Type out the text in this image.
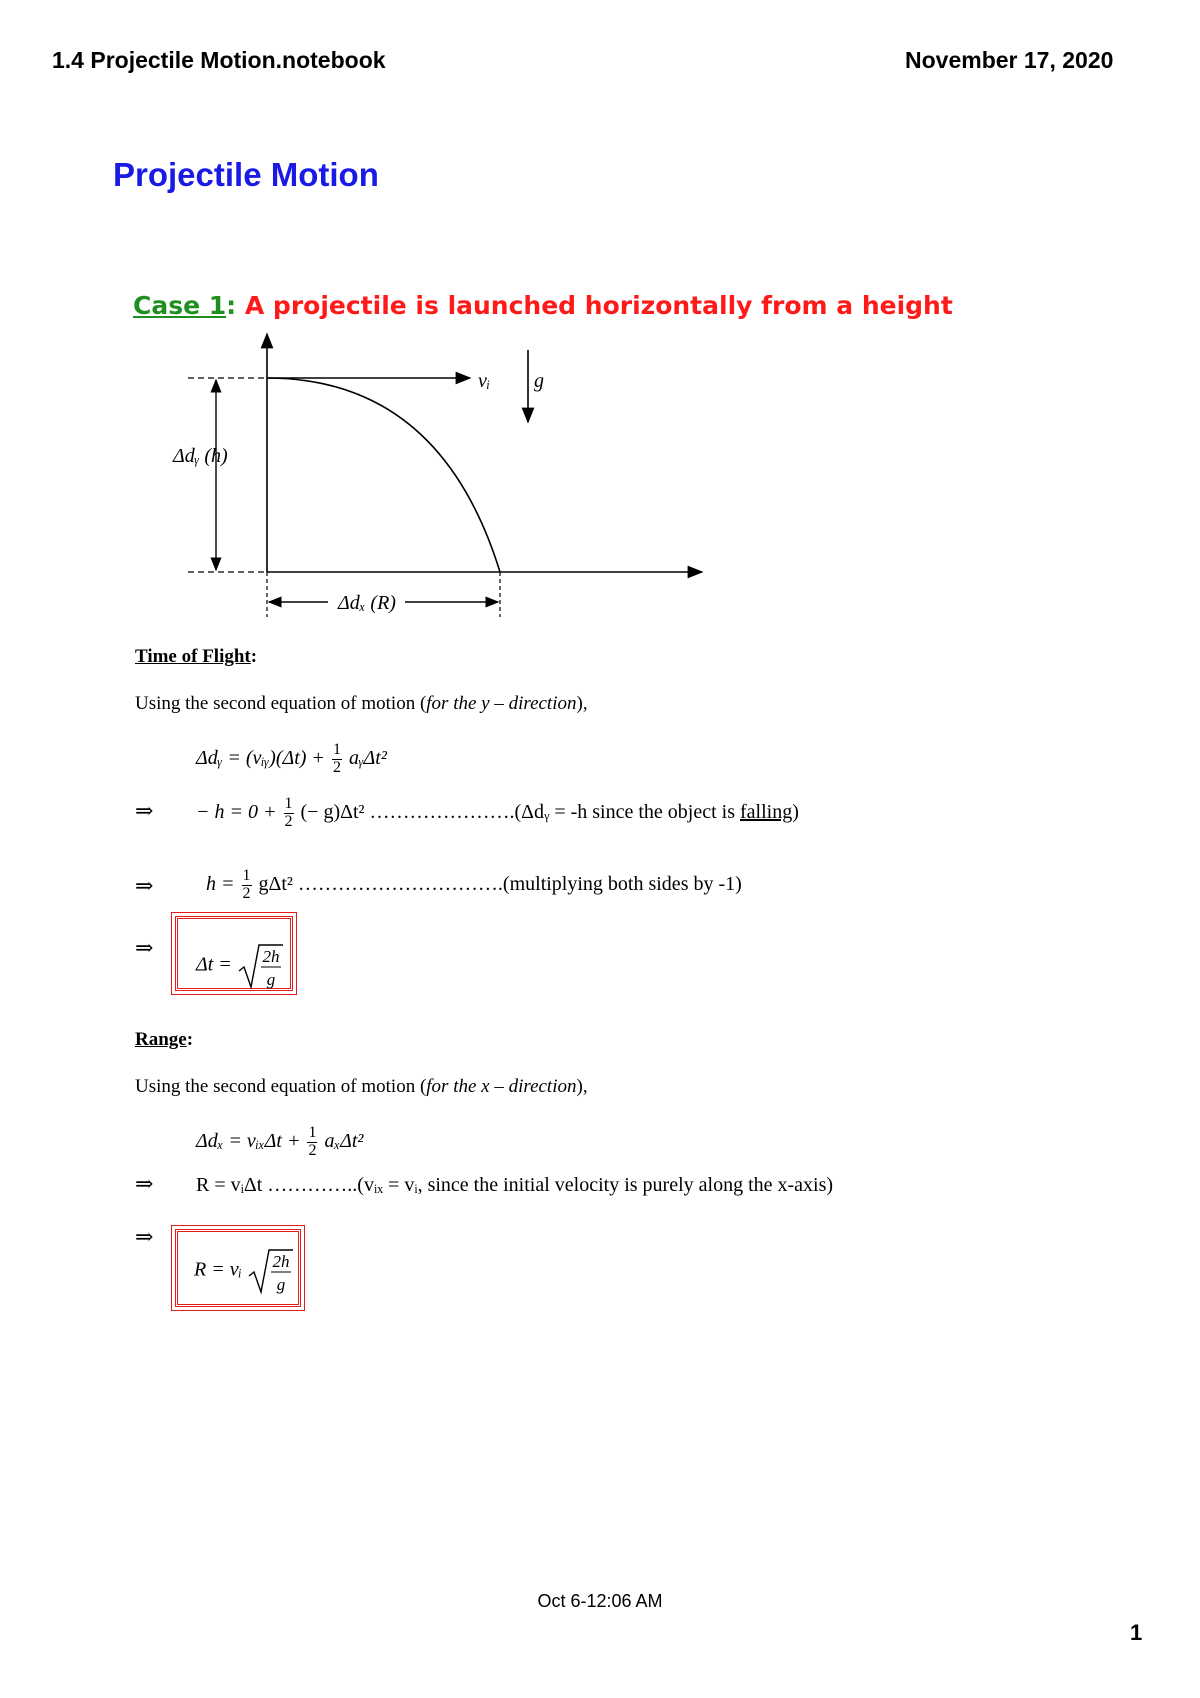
1.4 Projectile Motion.notebook	November 17, 2020
Projectile Motion
Case 1: A projectile is launched horizontally from a height
vᵢ g
Δdᵧ (h)
Δdₓ (R)
Time of Flight:
Using the second equation of motion (for the y – direction),
Δdᵧ = (vᵢᵧ)(Δt) + $\frac{1}{2}$ aᵧΔt²
⇒ − $h = 0 + \frac{1}{2}$ (− g)Δt² ………………….(Δdᵧ = -h since the object is falling)
⇒	$h = \frac{1}{2} g\Delta t^2$ ………………………….(multiplying both sides by -1)
⇒
Δt = 2h
g
Range:
Using the second equation of motion (for the x – direction),
Δdₓ = vᵢₓΔt + $\frac{1}{2} a_x\Delta t^2$
⇒ R = vᵢΔt …………..(vᵢₓ = vᵢ, since the initial velocity is purely along the x-axis)
⇒
R = vᵢ 2h
g
Oct 6-12:06 AM
1
